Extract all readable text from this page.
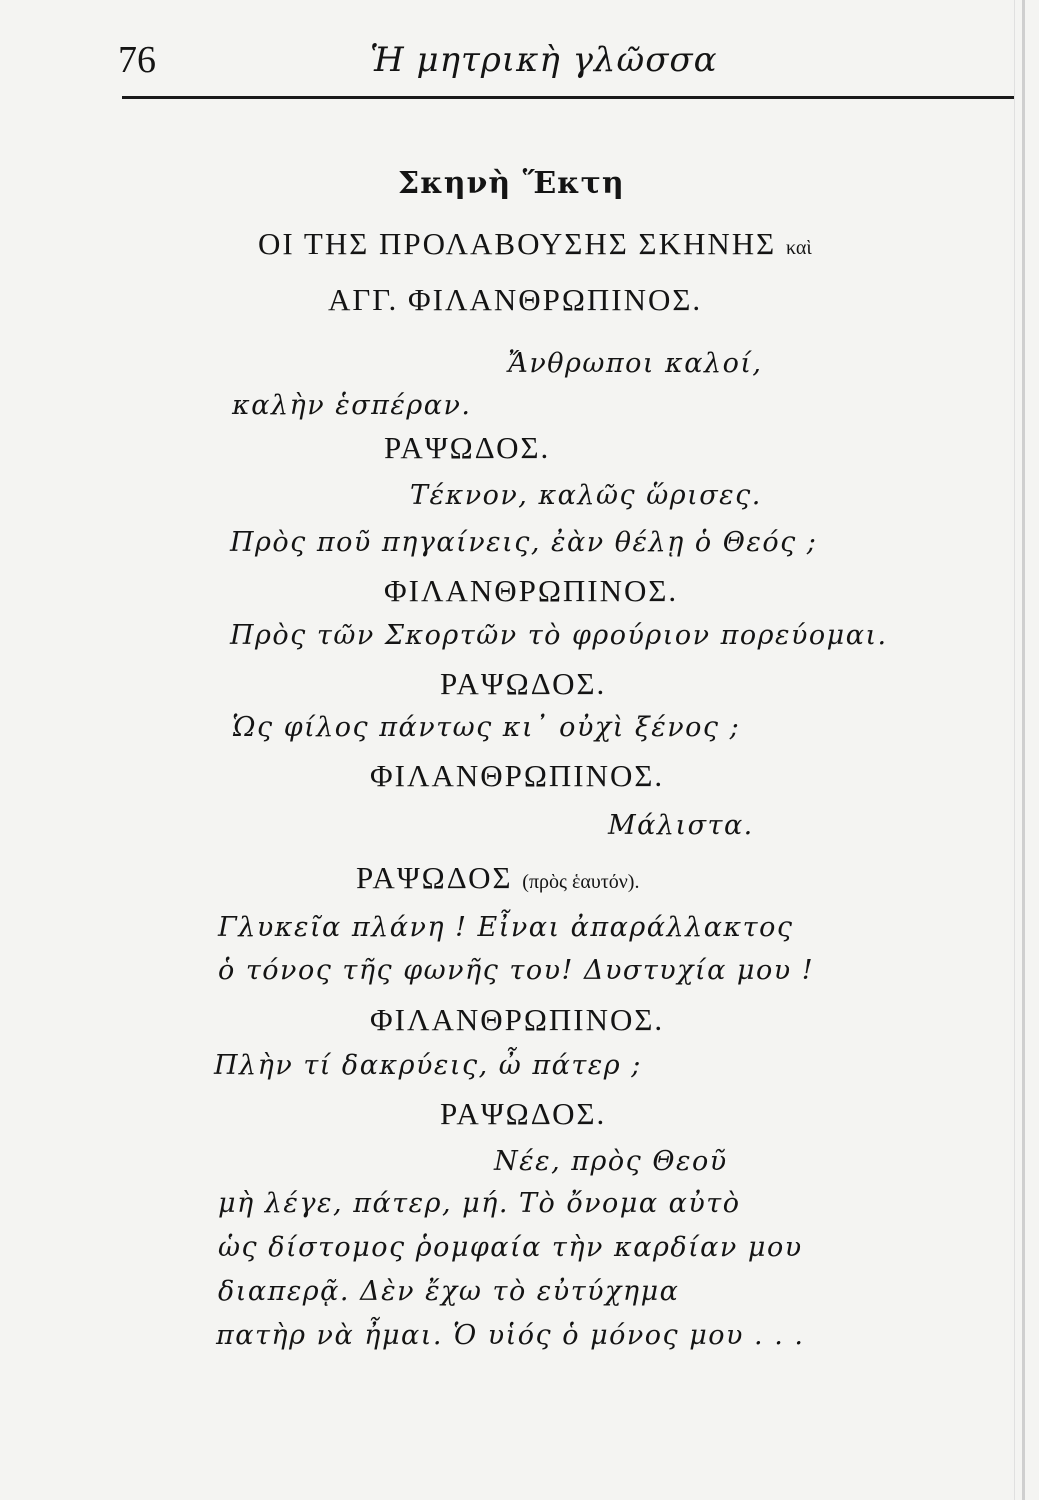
76	Ἡ μητρικὴ γλῶσσα
Σκηνὴ Ἕκτη
ΟΙ ΤΗΣ ΠΡΟΛΑΒΟΥΣΗΣ ΣΚΗΝΗΣ καὶ
ΑΓΓ. ΦΙΛΑΝΘΡΩΠΙΝΟΣ.
Ἄνθρωποι καλοί,
καλὴν ἑσπέραν.
ΡΑΨΩΔΟΣ.
Τέκνον, καλῶς ὥρισες.
Πρὸς ποῦ πηγαίνεις, ἐὰν θέλῃ ὁ Θεός ;
ΦΙΛΑΝΘΡΩΠΙΝΟΣ.
Πρὸς τῶν Σκορτῶν τὸ φρούριον πορεύομαι.
ΡΑΨΩΔΟΣ.
Ὡς φίλος πάντως κι᾽ οὐχὶ ξένος ;
ΦΙΛΑΝΘΡΩΠΙΝΟΣ.
Μάλιστα.
ΡΑΨΩΔΟΣ (πρὸς ἑαυτόν).
Γλυκεῖα πλάνη ! Εἶναι ἀπαράλλακτος
ὁ τόνος τῆς φωνῆς του! Δυστυχία μου !
ΦΙΛΑΝΘΡΩΠΙΝΟΣ.
Πλὴν τί δακρύεις, ὦ πάτερ ;
ΡΑΨΩΔΟΣ.
Νέε, πρὸς Θεοῦ
μὴ λέγε, πάτερ, μή. Τὸ ὄνομα αὐτὸ
ὡς δίστομος ῥομφαία τὴν καρδίαν μου
διαπερᾷ. Δὲν ἔχω τὸ εὐτύχημα
πατὴρ νὰ ἦμαι. Ὁ υἱός ὁ μόνος μου . . .
